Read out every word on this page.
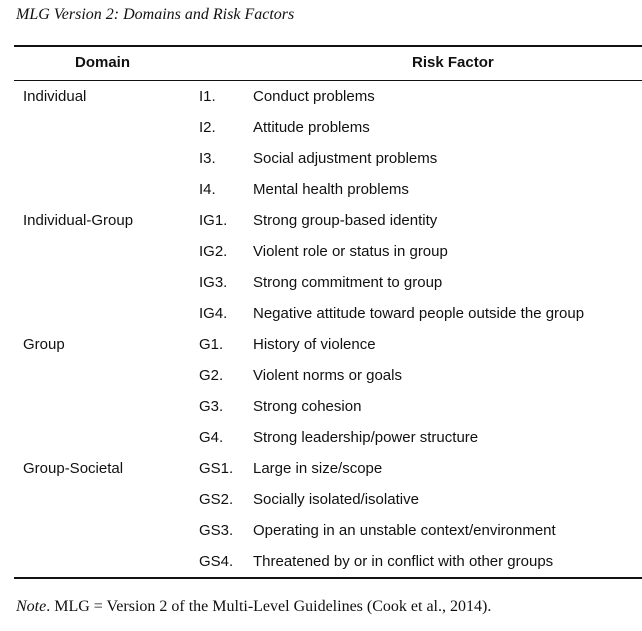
MLG Version 2: Domains and Risk Factors
Domain	Risk Factor
Individual	I1. Conduct problems
I2. Attitude problems
I3. Social adjustment problems
I4. Mental health problems
Individual-Group	IG1. Strong group-based identity
IG2. Violent role or status in group
IG3. Strong commitment to group
IG4. Negative attitude toward people outside the group
Group	G1. History of violence
G2. Violent norms or goals
G3. Strong cohesion
G4. Strong leadership/power structure
Group-Societal	GS1. Large in size/scope
GS2. Socially isolated/isolative
GS3. Operating in an unstable context/environment
GS4. Threatened by or in conflict with other groups
Note. MLG = Version 2 of the Multi-Level Guidelines (Cook et al., 2014).
